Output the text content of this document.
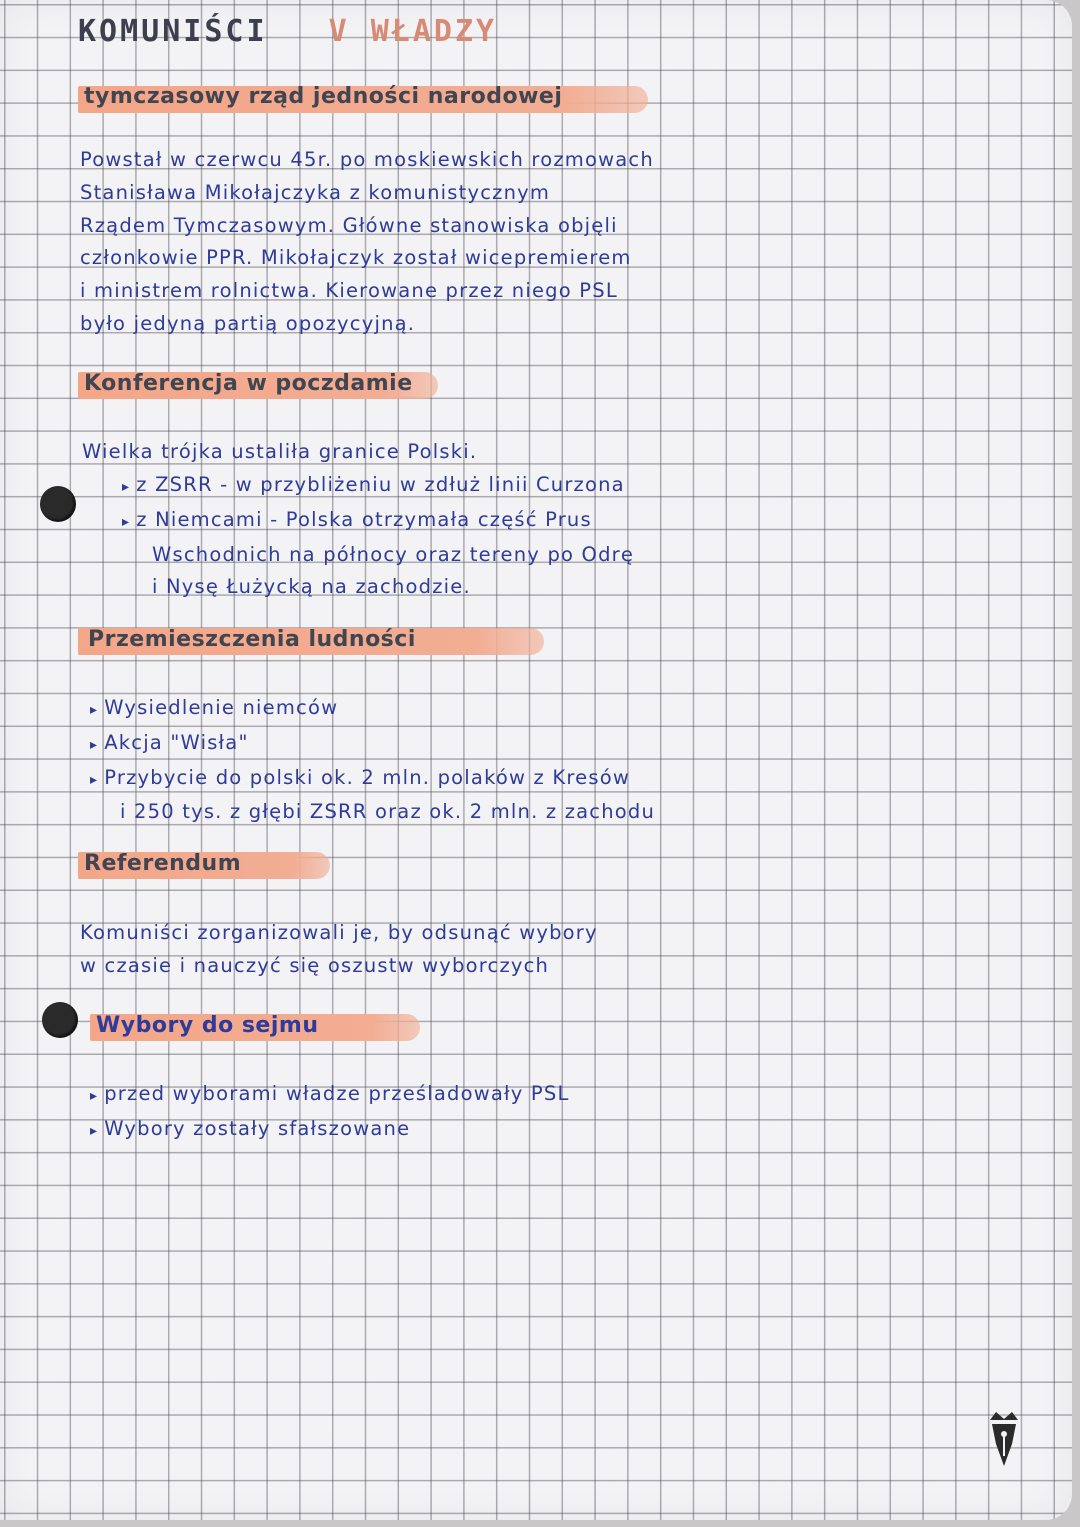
KOMUNIŚCI V WŁADZY
tymczasowy rząd jedności narodowej
Powstał w czerwcu 45r. po moskiewskich rozmowach
Stanisława Mikołajczyka z komunistycznym
Rządem Tymczasowym. Główne stanowiska objęli
członkowie PPR. Mikołajczyk został wicepremierem
i ministrem rolnictwa. Kierowane przez niego PSL
było jedyną partią opozycyjną.
Konferencja w poczdamie
Wielka trójka ustaliła granice Polski.
▸ z ZSRR - w przybliżeniu w zdłuż linii Curzona
▸ z Niemcami - Polska otrzymała część Prus
Wschodnich na północy oraz tereny po Odrę
i Nysę Łużycką na zachodzie.
Przemieszczenia ludności
▸ Wysiedlenie niemców
▸ Akcja "Wisła"
▸ Przybycie do polski ok. 2 mln. polaków z Kresów
i 250 tys. z głębi ZSRR oraz ok. 2 mln. z zachodu
Referendum
Komuniści zorganizowali je, by odsunąć wybory
w czasie i nauczyć się oszustw wyborczych
Wybory do sejmu
▸ przed wyborami władze prześladowały PSL
▸ Wybory zostały sfałszowane
